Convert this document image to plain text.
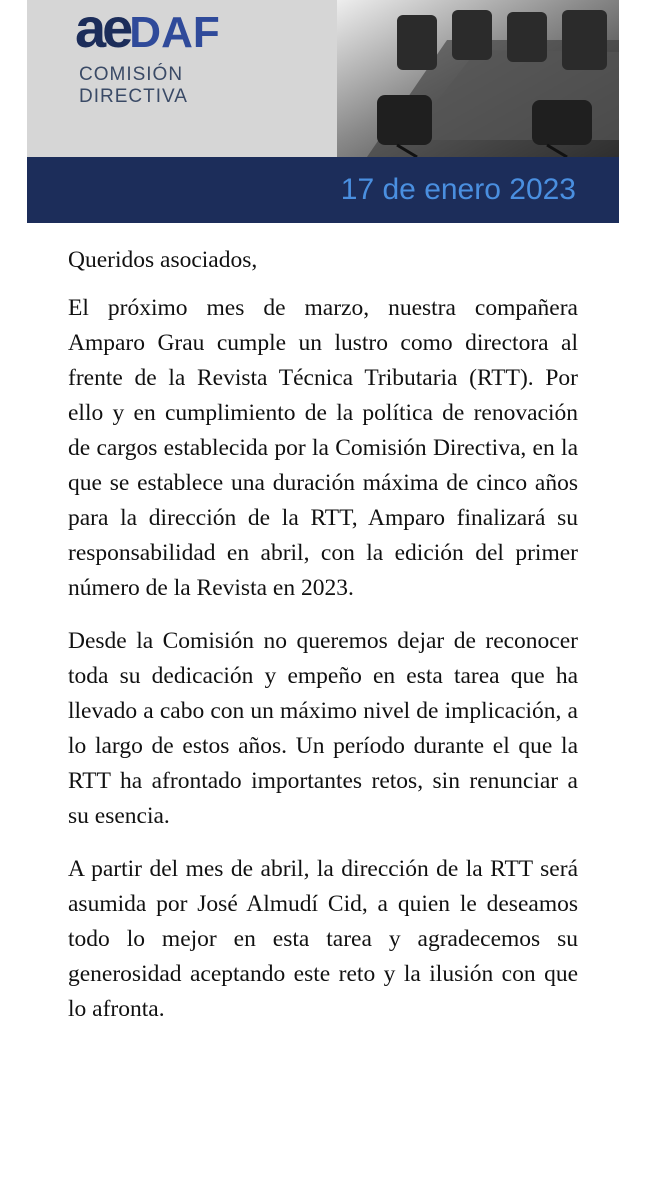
aeDAF
COMISIÓN
DIRECTIVA
17 de enero 2023

Queridos asociados,

El próximo mes de marzo, nuestra compañera Amparo Grau cumple un lustro como directora al frente de la Revista Técnica Tributaria (RTT). Por ello y en cumplimiento de la política de renovación de cargos establecida por la Comisión Directiva, en la que se establece una duración máxima de cinco años para la dirección de la RTT, Amparo finalizará su responsabilidad en abril, con la edición del primer número de la Revista en 2023.

Desde la Comisión no queremos dejar de reconocer toda su dedicación y empeño en esta tarea que ha llevado a cabo con un máximo nivel de implicación, a lo largo de estos años. Un período durante el que la RTT ha afrontado importantes retos, sin renunciar a su esencia.

A partir del mes de abril, la dirección de la RTT será asumida por José Almudí Cid, a quien le deseamos todo lo mejor en esta tarea y agradecemos su generosidad aceptando este reto y la ilusión con que lo afronta.
